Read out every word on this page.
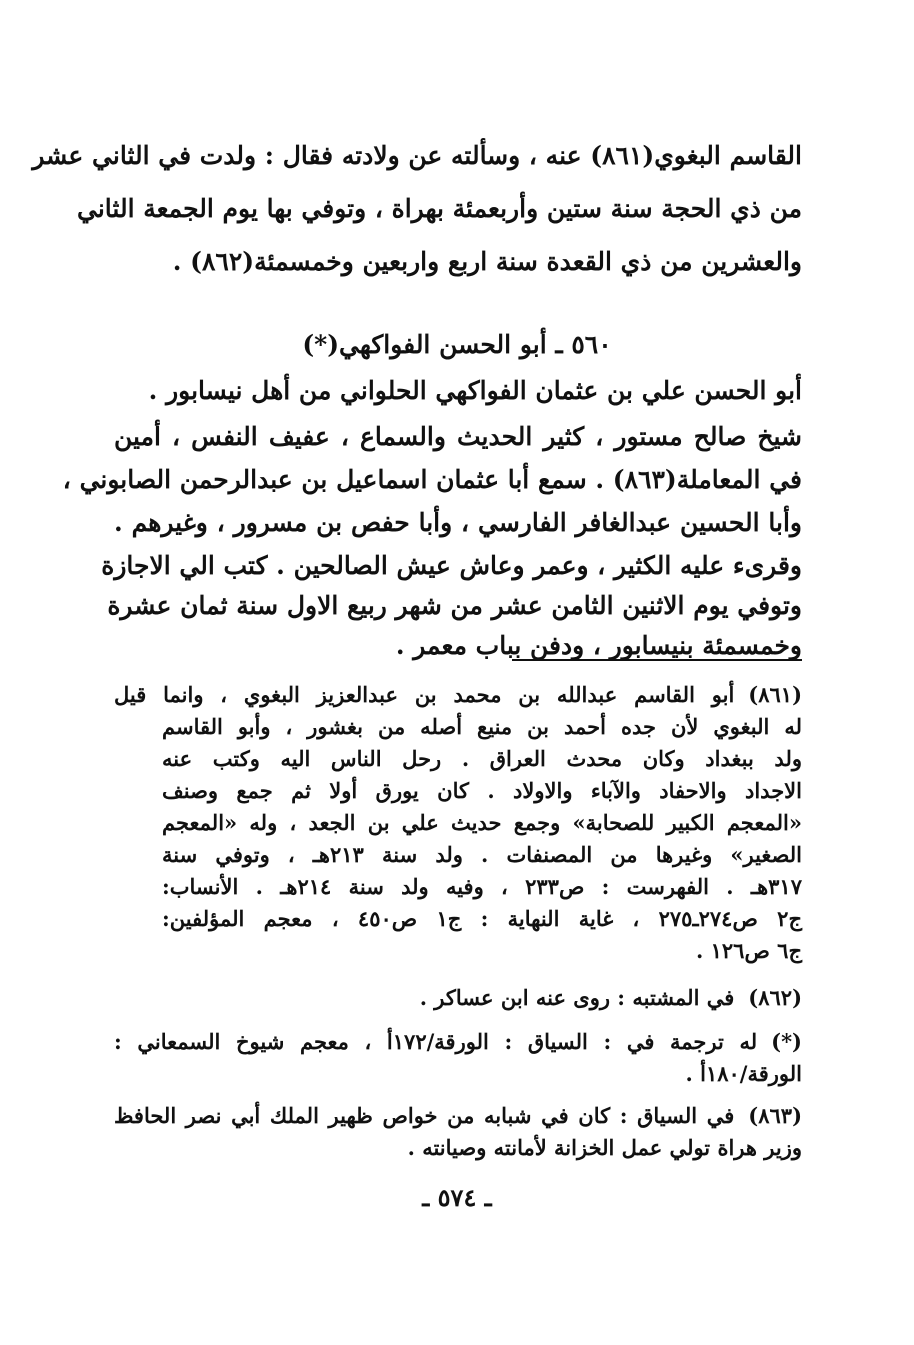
القاسم البغوي(٨٦١) عنه ، وسألته عن ولادته فقال : ولدت في الثاني عشر
من ذي الحجة سنة ستين وأربعمئة بهراة ، وتوفي بها يوم الجمعة الثاني
والعشرين من ذي القعدة سنة اربع واربعين وخمسمئة(٨٦٢) .
٥٦٠ ـ أبو الحسن الفواكهي(*)
أبو الحسن علي بن عثمان الفواكهي الحلواني من أهل نيسابور .
شيخ صالح مستور ، كثير الحديث والسماع ، عفيف النفس ، أمين
في المعاملة(٨٦٣) . سمع أبا عثمان اسماعيل بن عبدالرحمن الصابوني ،
وأبا الحسين عبدالغافر الفارسي ، وأبا حفص بن مسرور ، وغيرهم .
وقرىء عليه الكثير ، وعمر وعاش عيش الصالحين . كتب الي الاجازة
وتوفي يوم الاثنين الثامن عشر من شهر ربيع الاول سنة ثمان عشرة
وخمسمئة بنيسابور ، ودفن بباب معمر .
(٨٦١)أبو القاسم عبدالله بن محمد بن عبدالعزيز البغوي ، وانما قيل
له البغوي لأن جده أحمد بن منيع أصله من بغشور ، وأبو القاسم
ولد ببغداد وكان محدث العراق . رحل الناس اليه وكتب عنه
الاجداد والاحفاد والآباء والاولاد . كان يورق أولا ثم جمع وصنف
«المعجم الكبير للصحابة» وجمع حديث علي بن الجعد ، وله «المعجم
الصغير» وغيرها من المصنفات . ولد سنة ٢١٣هـ ، وتوفي سنة
٣١٧هـ . الفهرست : ص٢٣٣ ، وفيه ولد سنة ٢١٤هـ . الأنساب:
ج٢ ص٢٧٤ـ٢٧٥ ، غاية النهاية : ج١ ص٤٥٠ ، معجم المؤلفين:
ج٦ ص١٢٦ .
(٨٦٢)في المشتبه : روى عنه ابن عساكر .
(*)له ترجمة في : السياق : الورقة/١٧٢أ ، معجم شيوخ السمعاني :
الورقة/١٨٠أ .
(٨٦٣)في السياق : كان في شبابه من خواص ظهير الملك أبي نصر الحافظ
وزير هراة تولي عمل الخزانة لأمانته وصيانته .
ـ ٥٧٤ ـ
